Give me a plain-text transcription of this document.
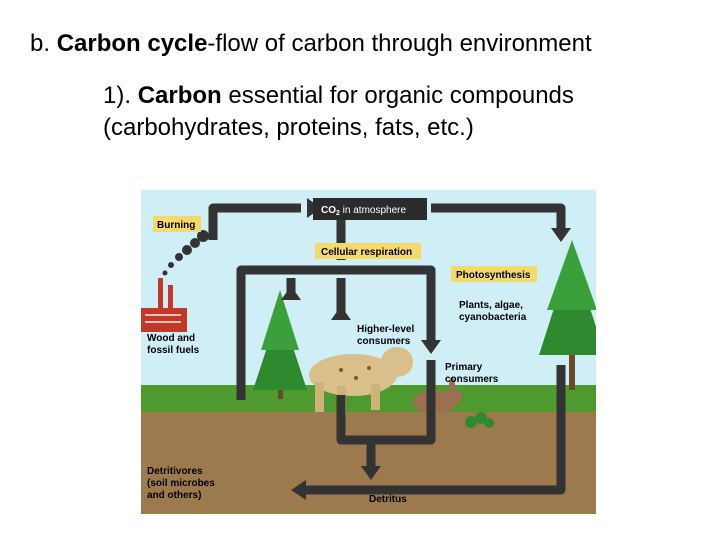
b. Carbon cycle-flow of carbon through environment

1). Carbon essential for organic compounds (carbohydrates, proteins, fats, etc.)

$CO_2$ in atmosphere
Burning
Cellular respiration
Photosynthesis
Plants, algae, cyanobacteria
Higher-level consumers
Primary consumers
Wood and fossil fuels
Detritivores (soil microbes and others)	Detritus
